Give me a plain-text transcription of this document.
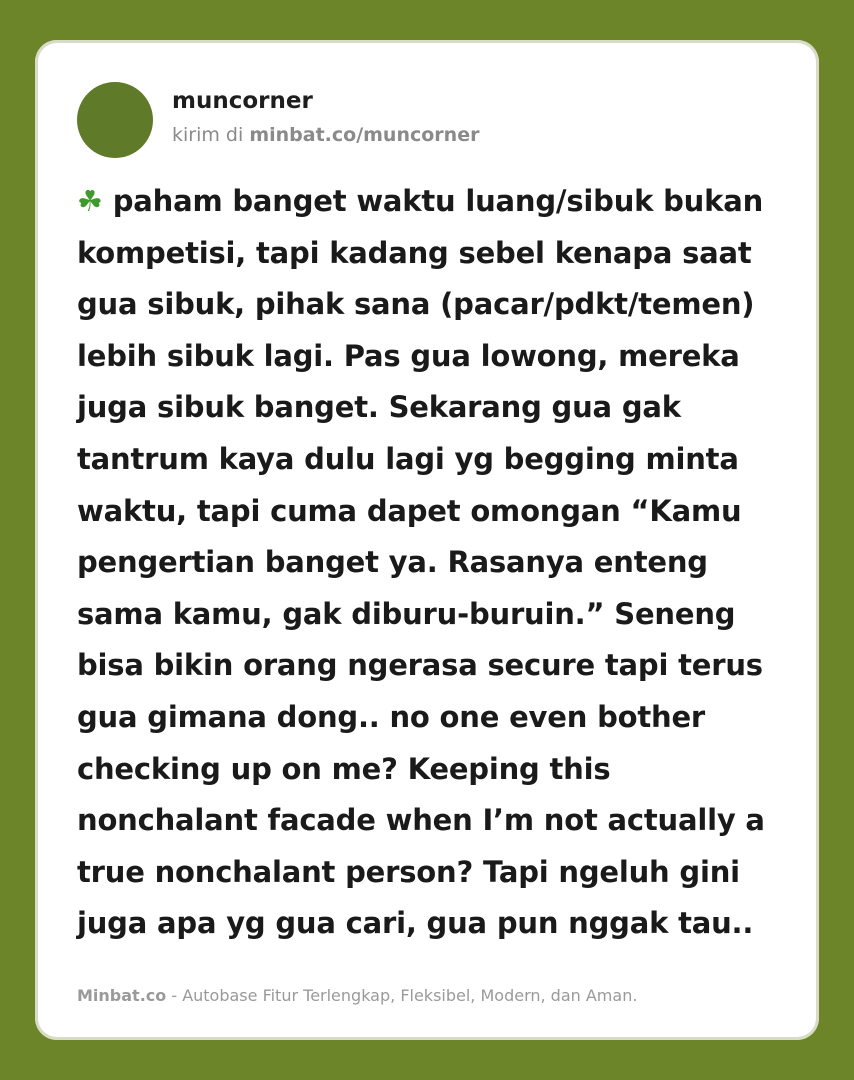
muncorner
kirim di minbat.co/muncorner
☘ paham banget waktu luang/sibuk bukan kompetisi, tapi kadang sebel kenapa saat gua sibuk, pihak sana (pacar/pdkt/temen) lebih sibuk lagi. Pas gua lowong, mereka juga sibuk banget. Sekarang gua gak tantrum kaya dulu lagi yg begging minta waktu, tapi cuma dapet omongan “Kamu pengertian banget ya. Rasanya enteng sama kamu, gak diburu-buruin.” Seneng bisa bikin orang ngerasa secure tapi terus gua gimana dong.. no one even bother checking up on me? Keeping this nonchalant facade when I’m not actually a true nonchalant person? Tapi ngeluh gini juga apa yg gua cari, gua pun nggak tau..
Minbat.co - Autobase Fitur Terlengkap, Fleksibel, Modern, dan Aman.
